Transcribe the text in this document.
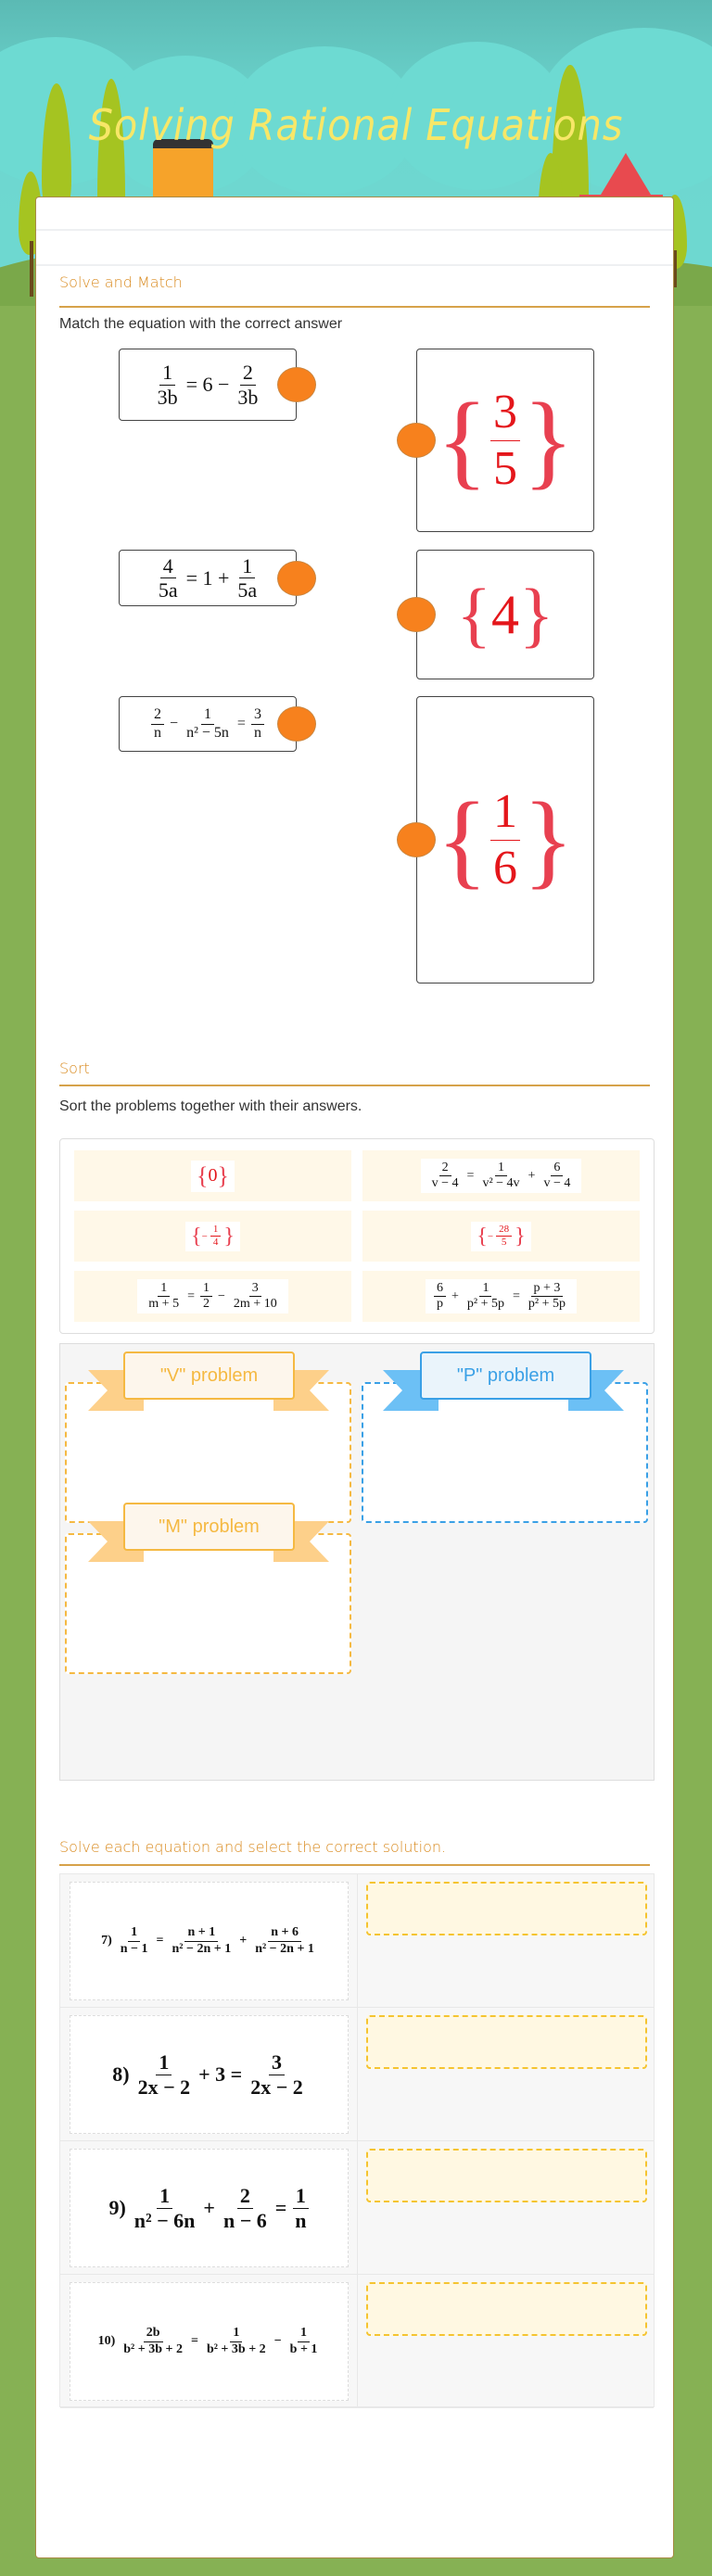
Solving Rational Equations
Solve and Match
Match the equation with the correct answer
$\frac{1}{3b} = 6 - \frac{2}{3b}$
$\frac{4}{5a} = 1 + \frac{1}{5a}$
$\frac{2}{n} - \frac{1}{\text{n² − 5n}} = \frac{3}{n}$
{ $\frac{3}{5}$ }
{ 4 }
{ $\frac{1}{6}$ }
Sort
Sort the problems together with their answers.
{ 0 }	$\frac{2}{v - 4} = \frac{1}{\text{v² − 4v}} + \frac{6}{v - 4}$
{ − $\frac{1}{4}$ }	{ − $\frac{28}{5}$ }
$\frac{1}{m + 5} = \frac{1}{2} - \frac{3}{2m + 10}$	$\frac{6}{p} + \frac{1}{\text{p² + 5p}} = \frac{p + 3}{\text{p² + 5p}}$
"V" problem	"P" problem
"M" problem
Solve each equation and select the correct solution.
$7) \frac{1}{n - 1} = \frac{n + 1}{\text{n² − 2n + 1}} + \frac{n + 6}{\text{n² − 2n + 1}}$
$8) \frac{1}{2x - 2} + 3 = \frac{3}{2x - 2}$
$9) \frac{1}{\text{n² − 6n}} + \frac{2}{n - 6} = \frac{1}{n}$
$10) \frac{2b}{\text{b² + 3b + 2}} = \frac{1}{\text{b² + 3b + 2}} - \frac{1}{b + 1}$
